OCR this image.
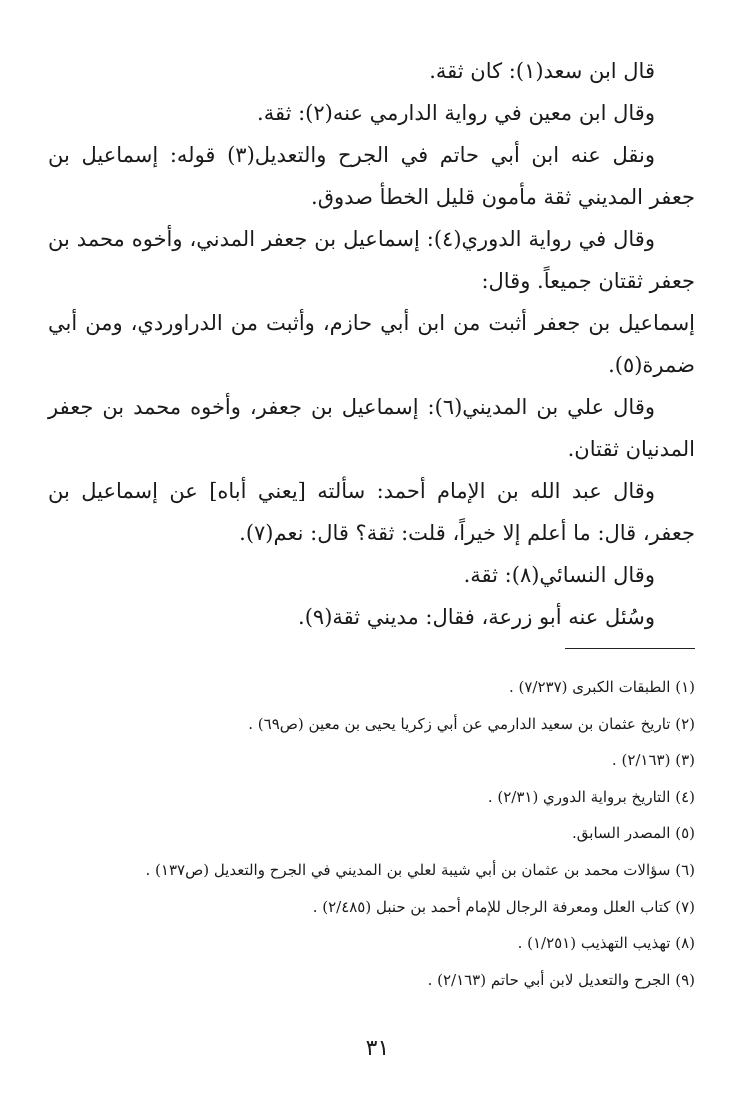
قال ابن سعد(١): كان ثقة.

وقال ابن معين في رواية الدارمي عنه(٢): ثقة.

ونقل عنه ابن أبي حاتم في الجرح والتعديل(٣) قوله: إسماعيل بن جعفر المديني ثقة مأمون قليل الخطأ صدوق.

وقال في رواية الدوري(٤): إسماعيل بن جعفر المدني، وأخوه محمد بن جعفر ثقتان جميعاً. وقال:

إسماعيل بن جعفر أثبت من ابن أبي حازم، وأثبت من الدراوردي، ومن أبي ضمرة(٥).

وقال علي بن المديني(٦): إسماعيل بن جعفر، وأخوه محمد بن جعفر المدنيان ثقتان.

وقال عبد الله بن الإمام أحمد: سألته [يعني أباه] عن إسماعيل بن جعفر، قال: ما أعلم إلا خيراً، قلت: ثقة؟ قال: نعم(٧).

وقال النسائي(٨): ثقة.

وسُئل عنه أبو زرعة، فقال: مديني ثقة(٩).

(١) الطبقات الكبرى (٧/٢٣٧) .
(٢) تاريخ عثمان بن سعيد الدارمي عن أبي زكريا يحيى بن معين (ص٦٩) .
(٣) (٢/١٦٣) .
(٤) التاريخ برواية الدوري (٢/٣١) .
(٥) المصدر السابق.
(٦) سؤالات محمد بن عثمان بن أبي شيبة لعلي بن المديني في الجرح والتعديل (ص١٣٧) .
(٧) كتاب العلل ومعرفة الرجال للإمام أحمد بن حنبل (٢/٤٨٥) .
(٨) تهذيب التهذيب (١/٢٥١) .
(٩) الجرح والتعديل لابن أبي حاتم (٢/١٦٣) .
٣١
